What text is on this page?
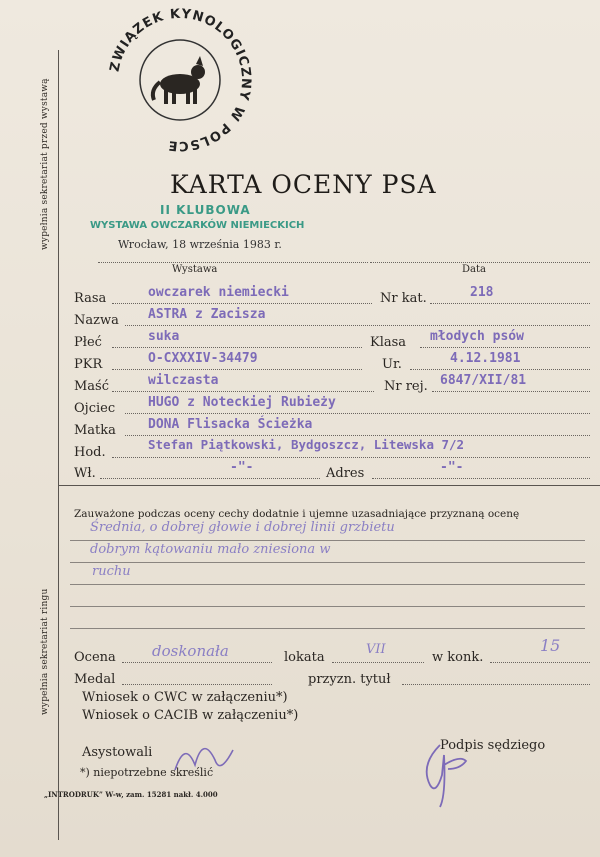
wypełnia sekretariat przed wystawą
wypełnia sekretariat ringu
ZWIĄZEK KYNOLOGICZNY W POLSCE
KARTA OCENY PSA
II KLUBOWA
WYSTAWA OWCZARKÓW NIEMIECKICH
Wrocław, 18 września 1983 r.
Wystawa	Data
Rasa	owczarek niemiecki	Nr kat.	218
Nazwa ASTRA z Zacisza
Płeć	suka	Klasa młodych psów
PKR	O-CXXXIV-34479	Ur.	4.12.1981
Maść	wilczasta	Nr rej. 6847/XII/81
Ojciec	HUGO z Noteckiej Rubieży
Matka DONA Flisacka Ścieżka
Hod.
Stefan Piątkowski, Bydgoszcz, Litewska 7/2
Wł.	-"-	Adres	-"-
Zauważone podczas oceny cechy dodatnie i ujemne uzasadniające przyznaną ocenę
Średnia, o dobrej głowie i dobrej linii grzbietu
dobrym kątowaniu mało zniesiona w
ruchu
Ocena doskonała	lokata
VII
w konk.
15
Medal	przyzn. tytuł
Wniosek o CWC w załączeniu*)
Wniosek o CACIB w załączeniu*)
Asystowali
*) niepotrzebne skreślić
Podpis sędziego
„INTRODRUK” W-w, zam. 15281 nakł. 4.000
